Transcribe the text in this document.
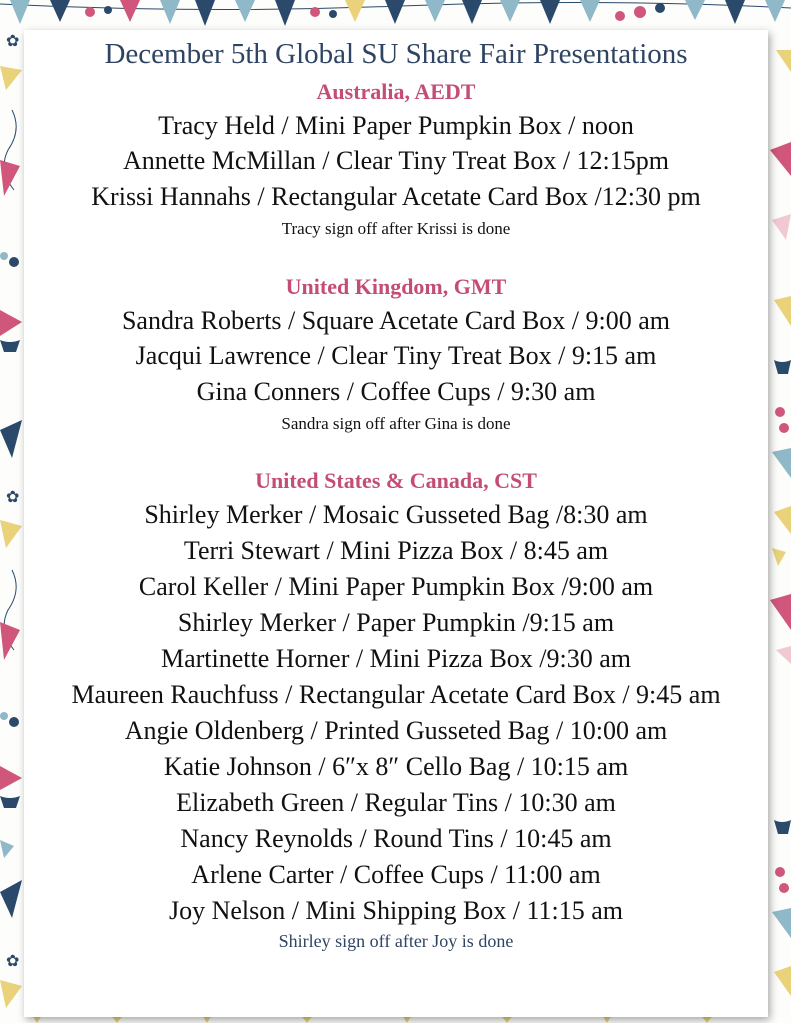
✿
✿
✿
December 5th Global SU Share Fair Presentations
Australia, AEDT
Tracy Held / Mini Paper Pumpkin Box / noon
Annette McMillan / Clear Tiny Treat Box / 12:15pm
Krissi Hannahs / Rectangular Acetate Card Box /12:30 pm
Tracy sign off after Krissi is done
United Kingdom, GMT
Sandra Roberts / Square Acetate Card Box / 9:00 am
Jacqui Lawrence / Clear Tiny Treat Box / 9:15 am
Gina Conners / Coffee Cups / 9:30 am
Sandra sign off after Gina is done
United States & Canada, CST
Shirley Merker / Mosaic Gusseted Bag /8:30 am
Terri Stewart / Mini Pizza Box / 8:45 am
Carol Keller / Mini Paper Pumpkin Box /9:00 am
Shirley Merker / Paper Pumpkin /9:15 am
Martinette Horner / Mini Pizza Box /9:30 am
Maureen Rauchfuss / Rectangular Acetate Card Box / 9:45 am
Angie Oldenberg / Printed Gusseted Bag / 10:00 am
Katie Johnson / 6″x 8″ Cello Bag / 10:15 am
Elizabeth Green / Regular Tins / 10:30 am
Nancy Reynolds / Round Tins / 10:45 am
Arlene Carter / Coffee Cups / 11:00 am
Joy Nelson / Mini Shipping Box / 11:15 am
Shirley sign off after Joy is done
